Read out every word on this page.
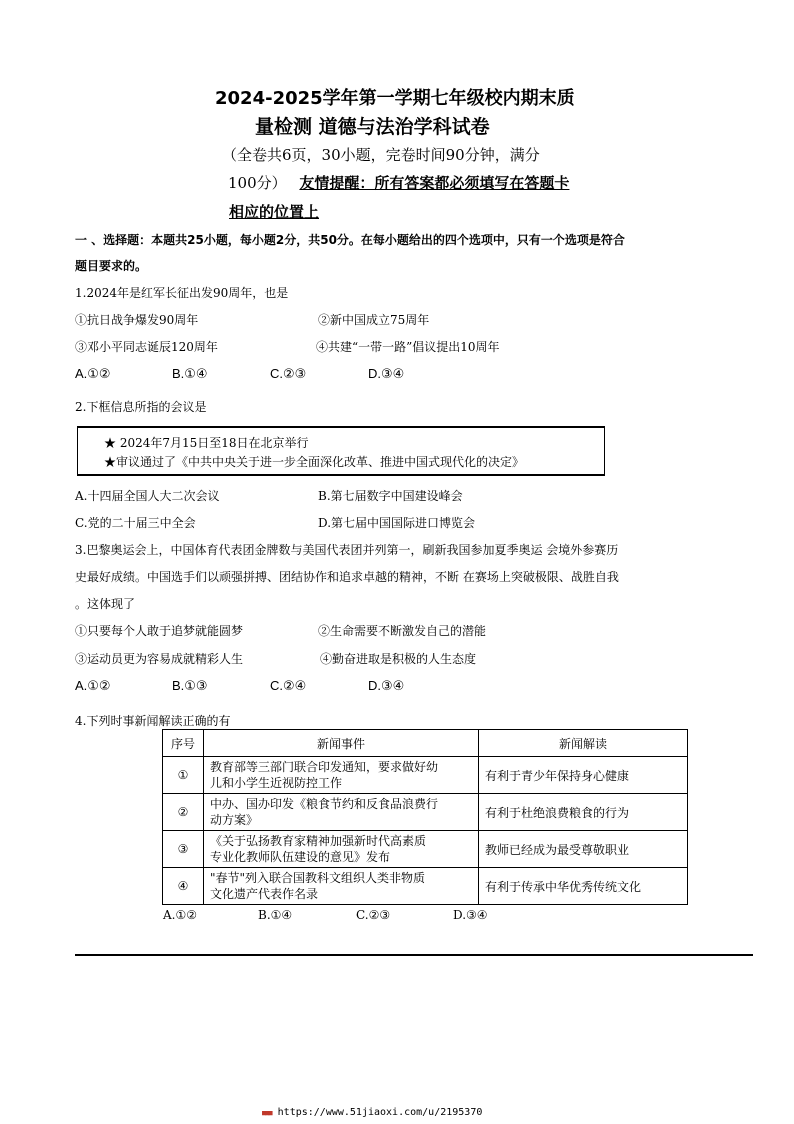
2024-2025学年第一学期七年级校内期末质
量检测 道德与法治学科试卷
（全卷共6页，30小题，完卷时间90分钟，满分
100分） 友情提醒：所有答案都必须填写在答题卡
相应的位置上
一 、选择题：本题共25小题，每小题2分，共50分。在每小题给出的四个选项中，只有一个选项是符合
题目要求的。
1.2024年是红军长征出发90周年，也是
①抗日战争爆发90周年	②新中国成立75周年
③邓小平同志诞辰120周年	④共建“一带一路”倡议提出10周年
A.①②	B.①④	C.②③	D.③④
2.下框信息所指的会议是
★ 2024年7月15日至18日在北京举行
★审议通过了《中共中央关于进一步全面深化改革、推进中国式现代化的决定》
A.十四届全国人大二次会议	B.第七届数字中国建设峰会
C.党的二十届三中全会	D.第七届中国国际进口博览会
3.巴黎奥运会上，中国体育代表团金牌数与美国代表团并列第一，刷新我国参加夏季奥运 会境外参赛历
史最好成绩。中国选手们以顽强拼搏、团结协作和追求卓越的精神，不断 在赛场上突破极限、战胜自我
。这体现了
①只要每个人敢于追梦就能圆梦	②生命需要不断激发自己的潜能
③运动员更为容易成就精彩人生	④勤奋进取是积极的人生态度
A.①②	B.①③	C.②④	D.③④
4.下列时事新闻解读正确的有
序号	新闻事件	新闻解读
①	教育部等三部门联合印发通知，要求做好幼
儿和小学生近视防控工作	有利于青少年保持身心健康
②	中办、国办印发《粮食节约和反食品浪费行
动方案》	有利于杜绝浪费粮食的行为
③	《关于弘扬教育家精神加强新时代高素质
专业化教师队伍建设的意见》发布	教师已经成为最受尊敬职业
④	"春节"列入联合国教科文组织人类非物质
文化遗产代表作名录	有利于传承中华优秀传统文化
A.①②	B.①④	C.②③	D.③④
■■■ https://www.51jiaoxi.com/u/2195370
